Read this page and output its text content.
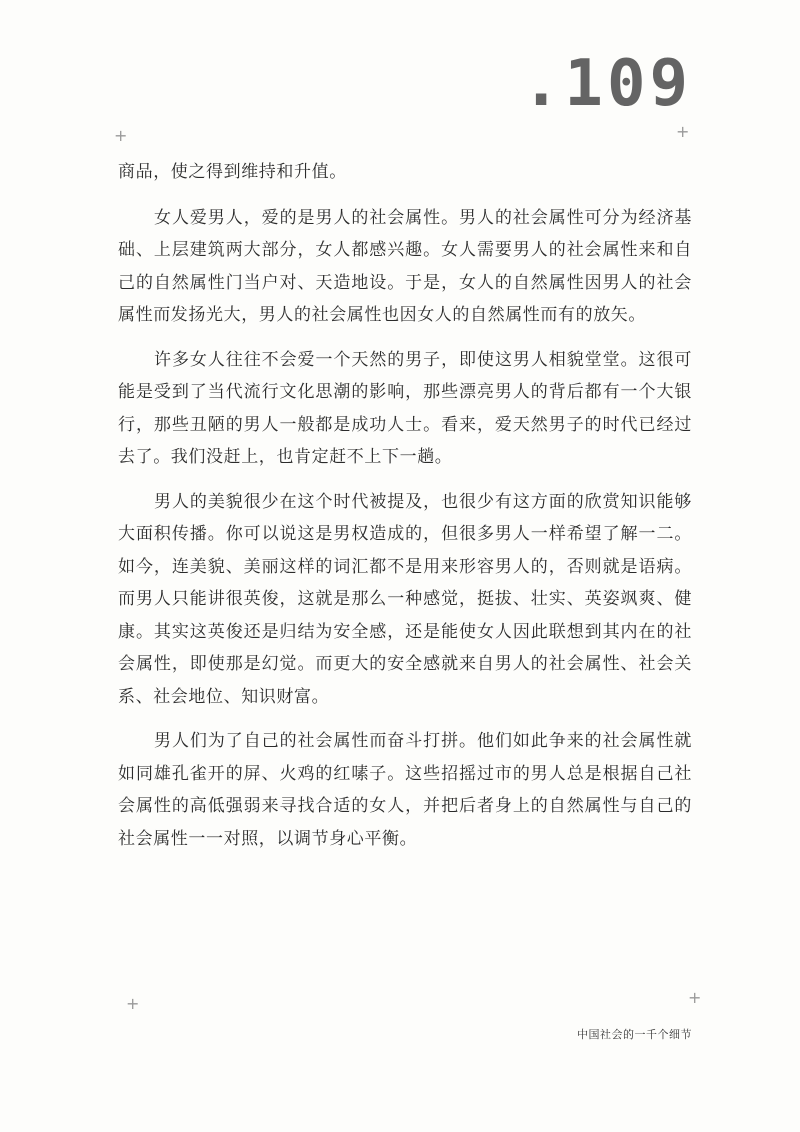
.109
+	+
+	+

商品，使之得到维持和升值。

女人爱男人，爱的是男人的社会属性。男人的社会属性可分为经济基础、上层建筑两大部分，女人都感兴趣。女人需要男人的社会属性来和自己的自然属性门当户对、天造地设。于是，女人的自然属性因男人的社会属性而发扬光大，男人的社会属性也因女人的自然属性而有的放矢。

许多女人往往不会爱一个天然的男子，即使这男人相貌堂堂。这很可能是受到了当代流行文化思潮的影响，那些漂亮男人的背后都有一个大银行，那些丑陋的男人一般都是成功人士。看来，爱天然男子的时代已经过去了。我们没赶上，也肯定赶不上下一趟。

男人的美貌很少在这个时代被提及，也很少有这方面的欣赏知识能够大面积传播。你可以说这是男权造成的，但很多男人一样希望了解一二。如今，连美貌、美丽这样的词汇都不是用来形容男人的，否则就是语病。而男人只能讲很英俊，这就是那么一种感觉，挺拔、壮实、英姿飒爽、健康。其实这英俊还是归结为安全感，还是能使女人因此联想到其内在的社会属性，即使那是幻觉。而更大的安全感就来自男人的社会属性、社会关系、社会地位、知识财富。

男人们为了自己的社会属性而奋斗打拼。他们如此争来的社会属性就如同雄孔雀开的屏、火鸡的红嗉子。这些招摇过市的男人总是根据自己社会属性的高低强弱来寻找合适的女人，并把后者身上的自然属性与自己的社会属性一一对照，以调节身心平衡。

中国社会的一千个细节
